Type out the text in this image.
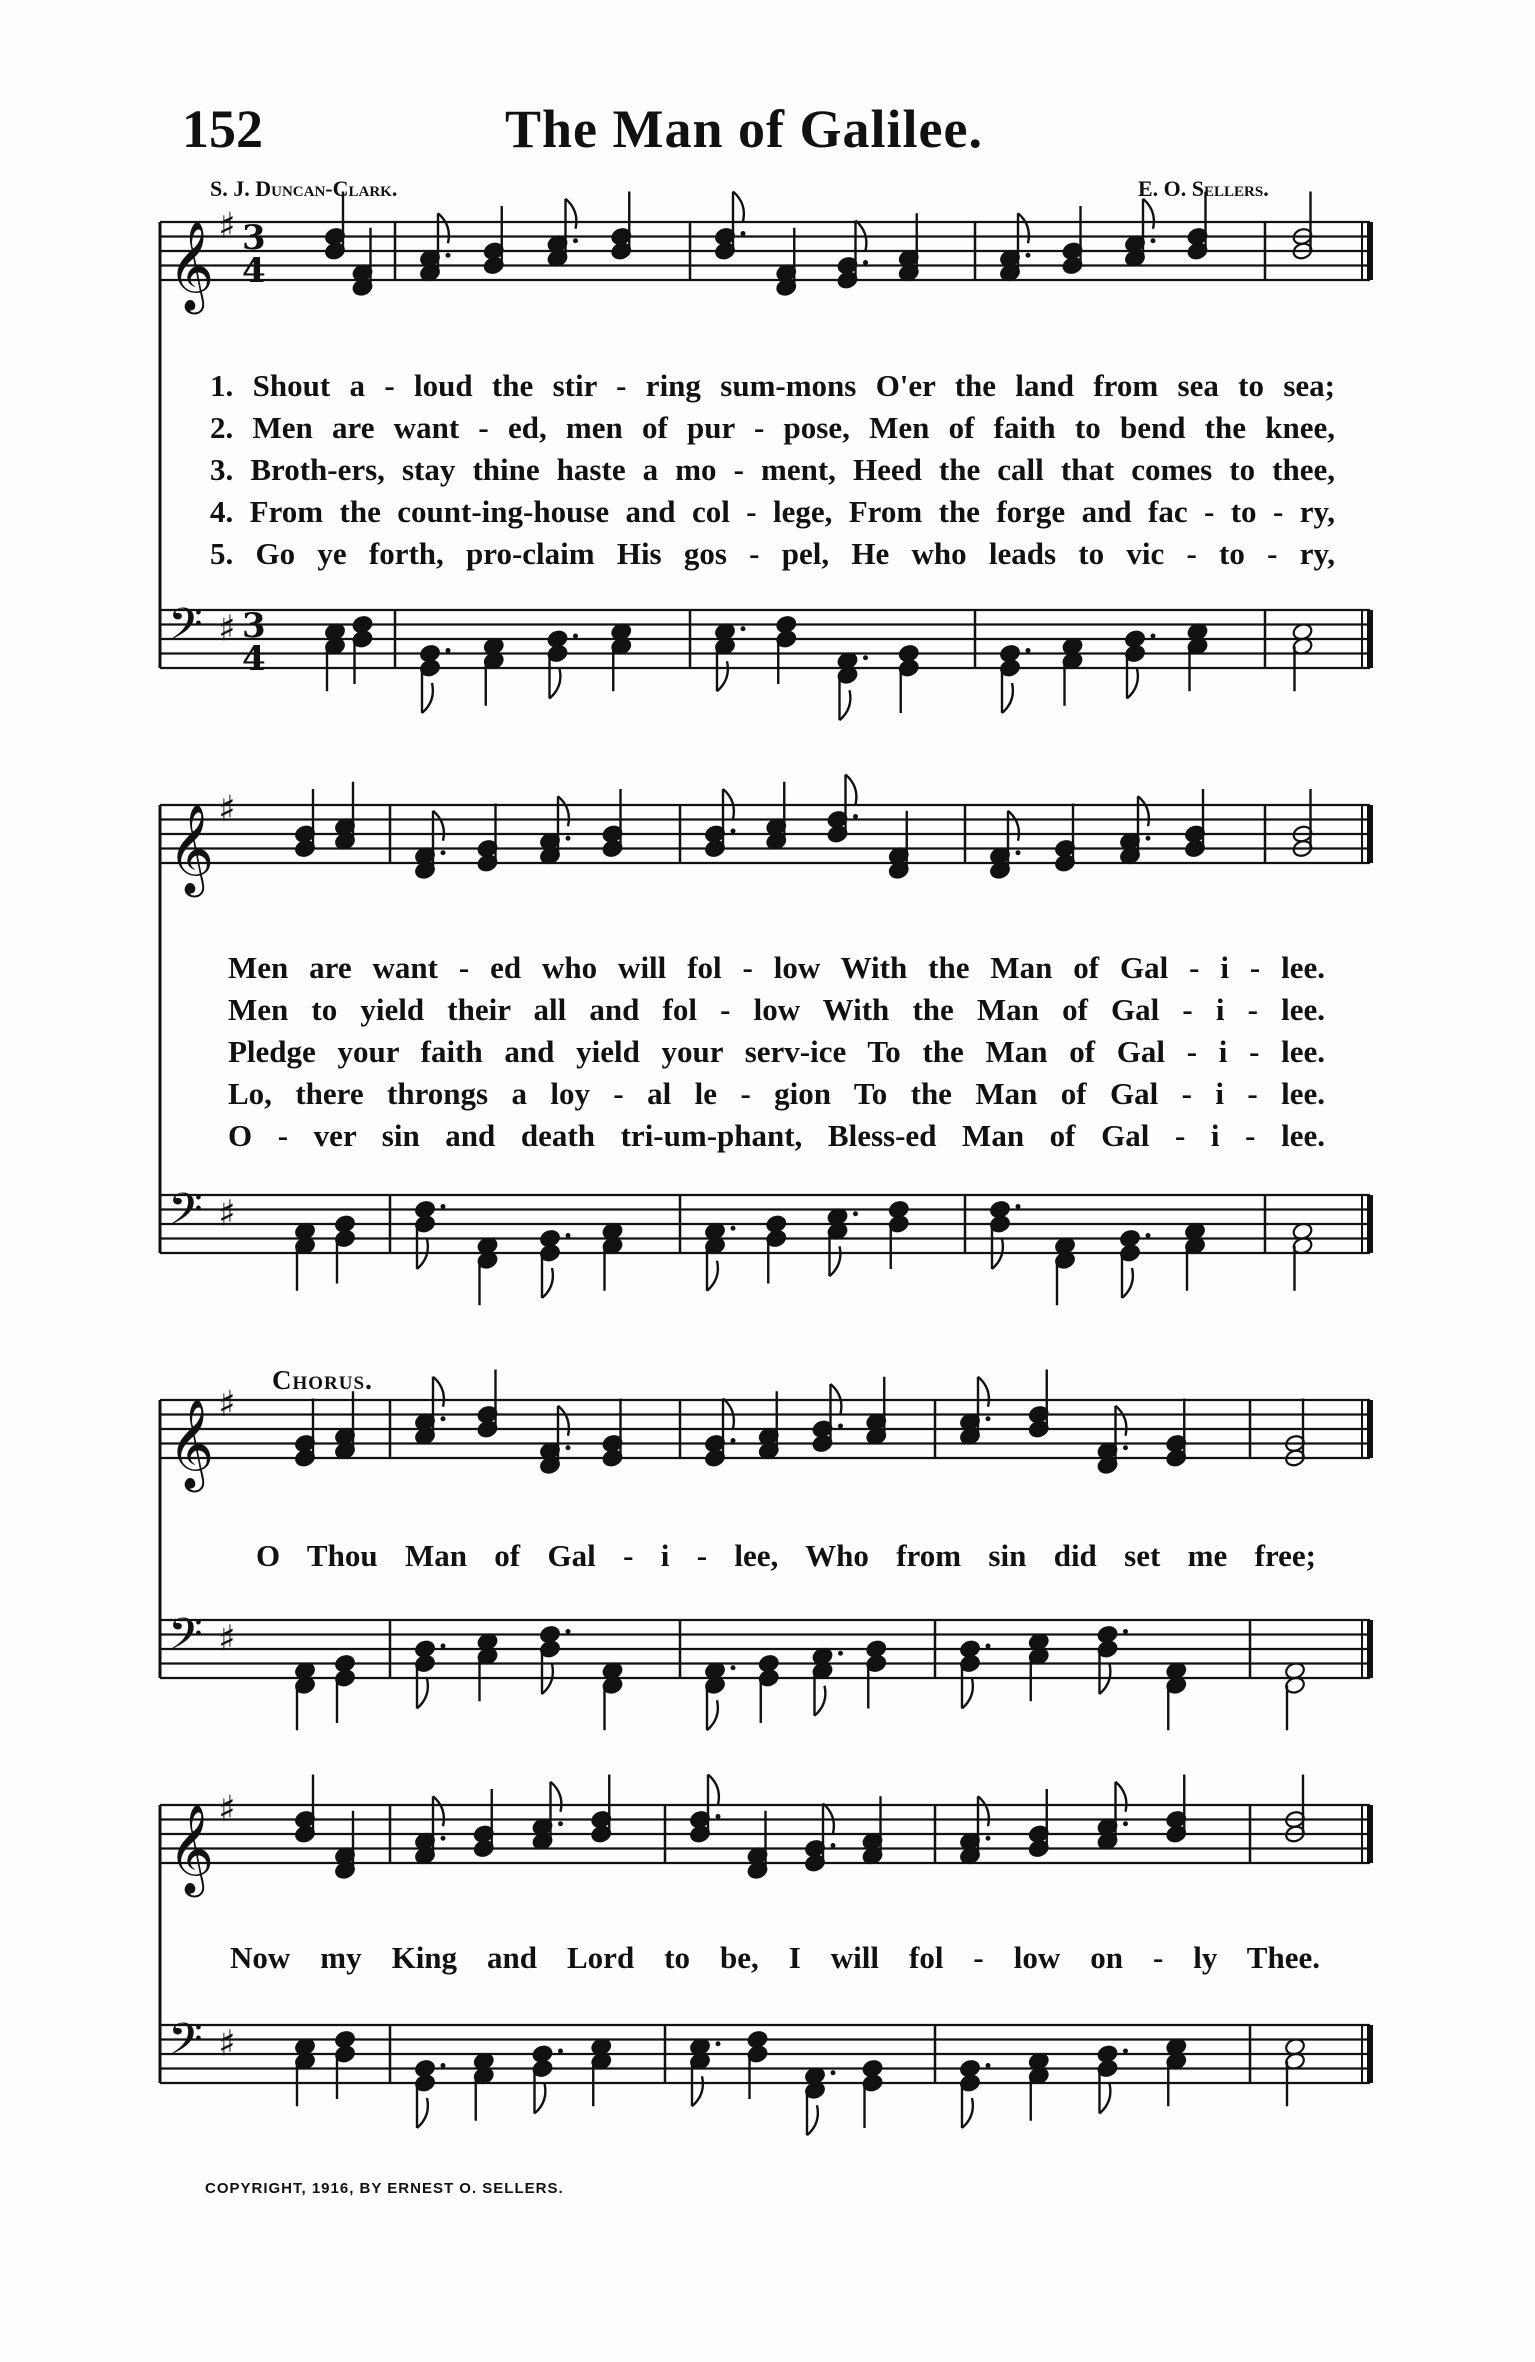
152	The Man of Galilee.
S. J. Duncan-Clark.	E. O. Sellers.
𝄞 ♯ 3
4
𝄢 ♯ 3
4
𝄞 ♯
𝄢 ♯
𝄞 ♯
𝄢 ♯
𝄞 ♯
𝄢 ♯
1. Shout a - loud the stir - ring sum-mons O'er the land from sea to sea;
2. Men are want - ed, men of pur - pose, Men of faith to bend the knee,
3. Broth-ers, stay thine haste a mo - ment, Heed the call that comes to thee,
4. From the count-ing-house and col - lege, From the forge and fac - to - ry,
5. Go ye forth, pro-claim His gos - pel, He who leads to vic - to - ry,
Men are want - ed who will fol - low With the Man of Gal - i - lee.
Men to yield their all and fol - low With the Man of Gal - i - lee.
Pledge your faith and yield your serv-ice To the Man of Gal - i - lee.
Lo, there throngs a loy - al le - gion To the Man of Gal - i - lee.
O - ver sin and death tri-um-phant, Bless-ed Man of Gal - i - lee.
Chorus.
O Thou Man of Gal - i - lee, Who from sin did set me free;
Now my King and Lord to be, I will fol - low on - ly Thee.
COPYRIGHT, 1916, BY ERNEST O. SELLERS.
